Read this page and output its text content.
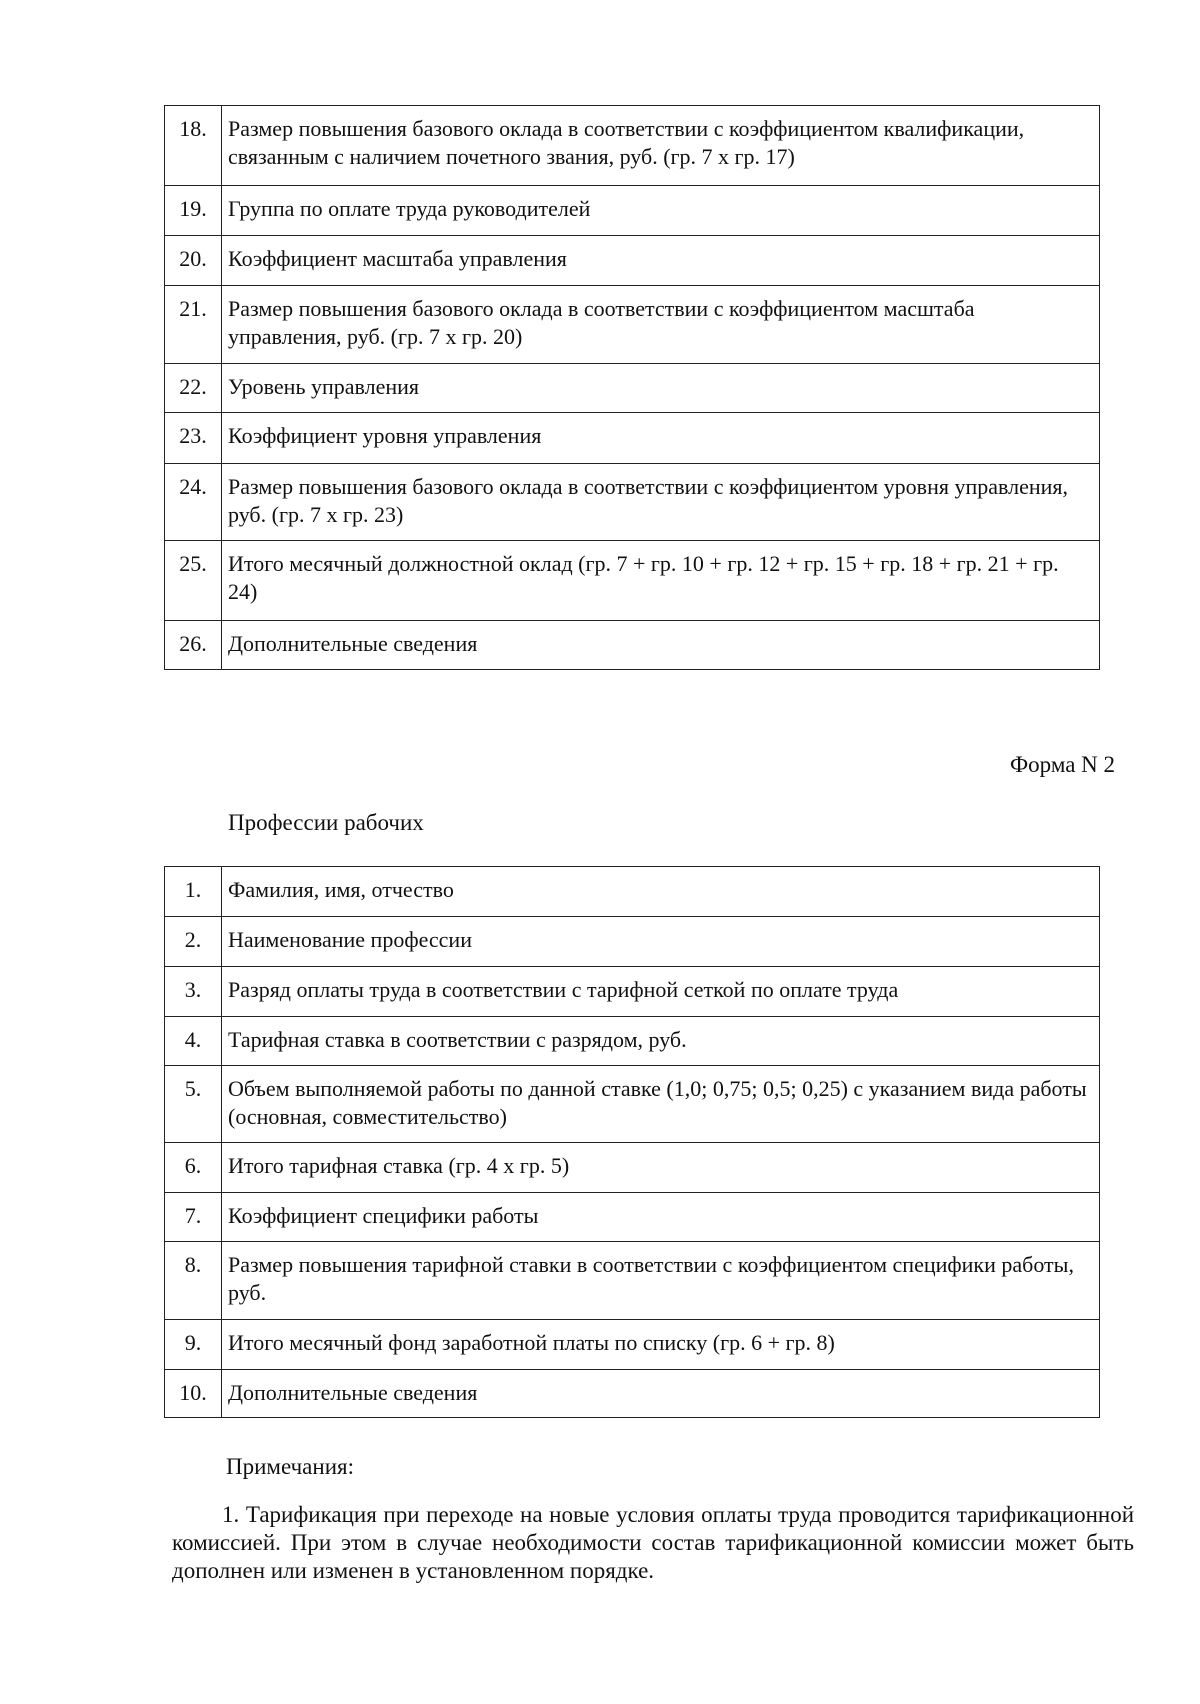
18.	Размер повышения базового оклада в соответствии с коэффициентом квалификации, связанным с наличием почетного звания, руб. (гр. 7 х гр. 17)
19.	Группа по оплате труда руководителей
20.	Коэффициент масштаба управления
21.	Размер повышения базового оклада в соответствии с коэффициентом масштаба управления, руб. (гр. 7 х гр. 20)
22.	Уровень управления
23.	Коэффициент уровня управления
24.	Размер повышения базового оклада в соответствии с коэффициентом уровня управления, руб. (гр. 7 х гр. 23)
25.	Итого месячный должностной оклад (гр. 7 + гр. 10 + гр. 12 + гр. 15 + гр. 18 + гр. 21 + гр. 24)
26.	Дополнительные сведения
Форма N 2
Профессии рабочих
1.	Фамилия, имя, отчество
2.	Наименование профессии
3.	Разряд оплаты труда в соответствии с тарифной сеткой по оплате труда
4.	Тарифная ставка в соответствии с разрядом, руб.
5.	Объем выполняемой работы по данной ставке (1,0; 0,75; 0,5; 0,25) с указанием вида работы (основная, совместительство)
6.	Итого тарифная ставка (гр. 4 х гр. 5)
7.	Коэффициент специфики работы
8.	Размер повышения тарифной ставки в соответствии с коэффициентом специфики работы, руб.
9.	Итого месячный фонд заработной платы по списку (гр. 6 + гр. 8)
10.	Дополнительные сведения
Примечания:

1. Тарификация при переходе на новые условия оплаты труда проводится тарификационной комиссией. При этом в случае необходимости состав тарификационной комиссии может быть дополнен или изменен в установленном порядке.
